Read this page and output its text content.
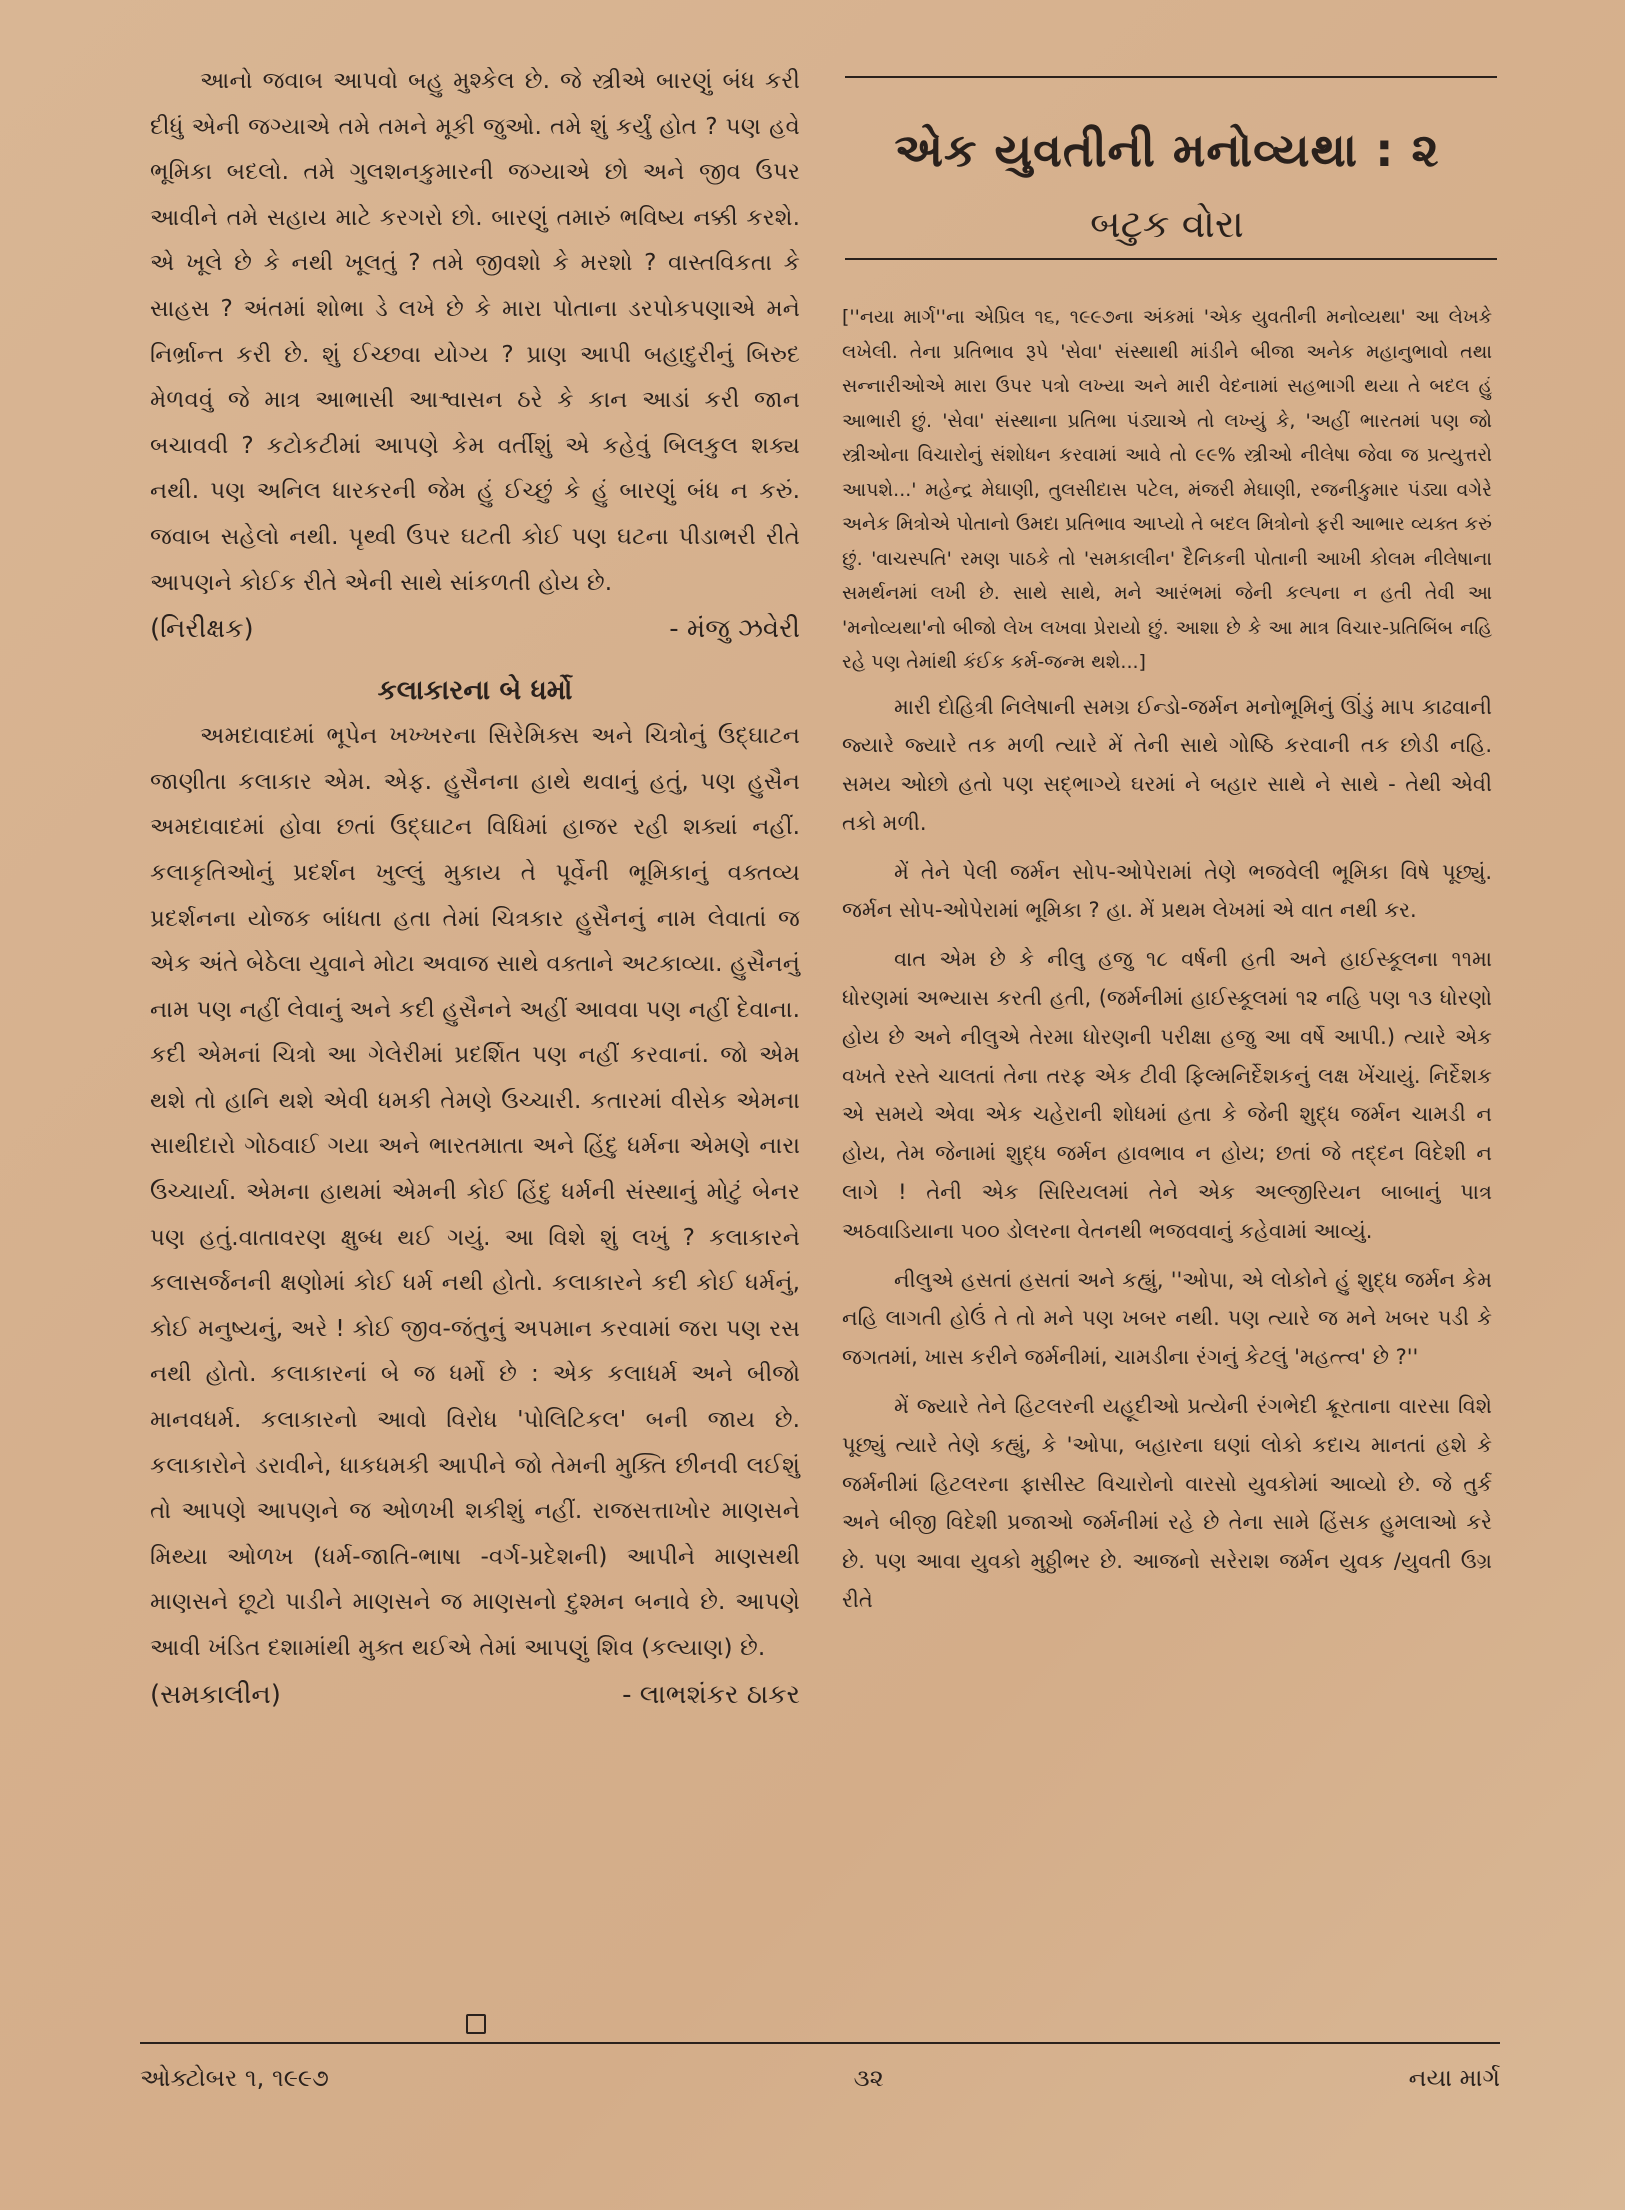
આનો જવાબ આપવો બહુ મુશ્કેલ છે. જે સ્ત્રીએ બારણું બંધ કરી દીધું એની જગ્યાએ તમે તમને મૂકી જુઓ. તમે શું કર્યું હોત ? પણ હવે ભૂમિકા બદલો. તમે ગુલશનકુમારની જગ્યાએ છો અને જીવ ઉપર આવીને તમે સહાય માટે કરગરો છો. બારણું તમારું ભવિષ્ય નક્કી કરશે. એ ખૂલે છે કે નથી ખૂલતું ? તમે જીવશો કે મરશો ? વાસ્તવિકતા કે સાહસ ? અંતમાં શોભા ડે લખે છે કે મારા પોતાના ડરપોકપણાએ મને નિર્ભ્રાન્ત કરી છે. શું ઈચ્છવા યોગ્ય ? પ્રાણ આપી બહાદુરીનું બિરુદ મેળવવું જે માત્ર આભાસી આશ્વાસન ઠરે કે કાન આડાં કરી જાન બચાવવી ? કટોકટીમાં આપણે કેમ વર્તીશું એ કહેવું બિલકુલ શક્ય નથી. પણ અનિલ ધારકરની જેમ હું ઈચ્છું કે હું બારણું બંધ ન કરું. જવાબ સહેલો નથી. પૃથ્વી ઉપર ઘટતી કોઈ પણ ઘટના પીડાભરી રીતે આપણને કોઈક રીતે એની સાથે સાંકળતી હોય છે.

(નિરીક્ષક)	- મંજુ ઝવેરી
કલાકારના બે ધર્મો

અમદાવાદમાં ભૂપેન ખખ્ખરના સિરેમિક્સ અને ચિત્રોનું ઉદ્ઘાટન જાણીતા કલાકાર એમ. એફ. હુસૈનના હાથે થવાનું હતું, પણ હુસૈન અમદાવાદમાં હોવા છતાં ઉદ્ઘાટન વિધિમાં હાજર રહી શક્યાં નહીં. કલાકૃતિઓનું પ્રદર્શન ખુલ્લું મુકાય તે પૂર્વેની ભૂમિકાનું વક્તવ્ય પ્રદર્શનના યોજક બાંધતા હતા તેમાં ચિત્રકાર હુસૈનનું નામ લેવાતાં જ એક અંતે બેઠેલા યુવાને મોટા અવાજ સાથે વક્તાને અટકાવ્યા. હુસૈનનું નામ પણ નહીં લેવાનું અને કદી હુસૈનને અહીં આવવા પણ નહીં દેવાના. કદી એમનાં ચિત્રો આ ગેલેરીમાં પ્રદર્શિત પણ નહીં કરવાનાં. જો એમ થશે તો હાનિ થશે એવી ધમકી તેમણે ઉચ્ચારી. કતારમાં વીસેક એમના સાથીદારો ગોઠવાઈ ગયા અને ભારતમાતા અને હિંદુ ધર્મના એમણે નારા ઉચ્ચાર્યા. એમના હાથમાં એમની કોઈ હિંદુ ધર્મની સંસ્થાનું મોટું બેનર પણ હતું.વાતાવરણ ક્ષુબ્ધ થઈ ગયું. આ વિશે શું લખું ? કલાકારને કલાસર્જનની ક્ષણોમાં કોઈ ધર્મ નથી હોતો. કલાકારને કદી કોઈ ધર્મનું, કોઈ મનુષ્યનું, અરે ! કોઈ જીવ-જંતુનું અપમાન કરવામાં જરા પણ રસ નથી હોતો. કલાકારનાં બે જ ધર્મો છે : એક કલાધર્મ અને બીજો માનવધર્મ. કલાકારનો આવો વિરોધ 'પોલિટિકલ' બની જાય છે. કલાકારોને ડરાવીને, ધાકધમકી આપીને જો તેમની મુક્તિ છીનવી લઈશું તો આપણે આપણને જ ઓળખી શકીશું નહીં. રાજસત્તાખોર માણસને મિથ્યા ઓળખ (ધર્મ-જાતિ-ભાષા -વર્ગ-પ્રદેશની) આપીને માણસથી માણસને છૂટો પાડીને માણસને જ માણસનો દુશ્મન બનાવે છે. આપણે આવી ખંડિત દશામાંથી મુક્ત થઈએ તેમાં આપણું શિવ (કલ્યાણ) છે.

(સમકાલીન)	- લાભશંકર ઠાકર
એક યુવતીની મનોવ્યથા : ૨
બટુક વોરા

[''નયા માર્ગ''ના એપ્રિલ ૧૬, ૧૯૯૭ના અંકમાં 'એક યુવતીની મનોવ્યથા' આ લેખકે લખેલી. તેના પ્રતિભાવ રૂપે 'સેવા' સંસ્થાથી માંડીને બીજા અનેક મહાનુભાવો તથા સન્નારીઓએ મારા ઉપર પત્રો લખ્યા અને મારી વેદનામાં સહભાગી થયા તે બદલ હું આભારી છું. 'સેવા' સંસ્થાના પ્રતિભા પંડ્યાએ તો લખ્યું કે, 'અહીં ભારતમાં પણ જો સ્ત્રીઓના વિચારોનું સંશોધન કરવામાં આવે તો ૯૯% સ્ત્રીઓ નીલેષા જેવા જ પ્રત્યુત્તરો આપશે...' મહેન્દ્ર મેઘાણી, તુલસીદાસ પટેલ, મંજરી મેઘાણી, રજનીકુમાર પંડ્યા વગેરે અનેક મિત્રોએ પોતાનો ઉમદા પ્રતિભાવ આપ્યો તે બદલ મિત્રોનો ફરી આભાર વ્યક્ત કરું છું. 'વાચસ્પતિ' રમણ પાઠકે તો 'સમકાલીન' દૈનિકની પોતાની આખી કોલમ નીલેષાના સમર્થનમાં લખી છે. સાથે સાથે, મને આરંભમાં જેની કલ્પના ન હતી તેવી આ 'મનોવ્યથા'નો બીજો લેખ લખવા પ્રેરાયો છું. આશા છે કે આ માત્ર વિચાર-પ્રતિબિંબ નહિ રહે પણ તેમાંથી કંઈક કર્મ-જન્મ થશે...]

મારી દોહિત્રી નિલેષાની સમગ્ર ઈન્ડો-જર્મન મનોભૂમિનું ઊંડું માપ કાઢવાની જ્યારે જ્યારે તક મળી ત્યારે મેં તેની સાથે ગોષ્ઠિ કરવાની તક છોડી નહિ. સમય ઓછો હતો પણ સદ્ભાગ્યે ઘરમાં ને બહાર સાથે ને સાથે - તેથી એવી તકો મળી.

મેં તેને પેલી જર્મન સોપ-ઓપેરામાં તેણે ભજવેલી ભૂમિકા વિષે પૂછ્યું. જર્મન સોપ-ઓપેરામાં ભૂમિકા ? હા. મેં પ્રથમ લેખમાં એ વાત નથી કર.

વાત એમ છે કે નીલુ હજુ ૧૮ વર્ષની હતી અને હાઈસ્કૂલના ૧૧મા ધોરણમાં અભ્યાસ કરતી હતી, (જર્મનીમાં હાઈસ્કૂલમાં ૧૨ નહિ પણ ૧૩ ધોરણો હોય છે અને નીલુએ તેરમા ધોરણની પરીક્ષા હજુ આ વર્ષે આપી.) ત્યારે એક વખતે રસ્તે ચાલતાં તેના તરફ એક ટીવી ફિલ્મનિર્દેશકનું લક્ષ ખેંચાયું. નિર્દેશક એ સમયે એવા એક ચહેરાની શોધમાં હતા કે જેની શુદ્ધ જર્મન ચામડી ન હોય, તેમ જેનામાં શુદ્ધ જર્મન હાવભાવ ન હોય; છતાં જે તદ્દન વિદેશી ન લાગે ! તેની એક સિરિયલમાં તેને એક અલ્જીરિયન બાબાનું પાત્ર અઠવાડિયાના ૫૦૦ ડોલરના વેતનથી ભજવવાનું કહેવામાં આવ્યું.

નીલુએ હસતાં હસતાં અને કહ્યું, ''ઓપા, એ લોકોને હું શુદ્ધ જર્મન કેમ નહિ લાગતી હોઉં તે તો મને પણ ખબર નથી. પણ ત્યારે જ મને ખબર પડી કે જગતમાં, ખાસ કરીને જર્મનીમાં, ચામડીના રંગનું કેટલું 'મહત્ત્વ' છે ?''

મેં જ્યારે તેને હિટલરની યહૂદીઓ પ્રત્યેની રંગભેદી ક્રૂરતાના વારસા વિશે પૂછ્યું ત્યારે તેણે કહ્યું, કે 'ઓપા, બહારના ઘણાં લોકો કદાચ માનતાં હશે કે જર્મનીમાં હિટલરના ફાસીસ્ટ વિચારોનો વારસો યુવકોમાં આવ્યો છે. જે તુર્ક અને બીજી વિદેશી પ્રજાઓ જર્મનીમાં રહે છે તેના સામે હિંસક હુમલાઓ કરે છે. પણ આવા યુવકો મુઠ્ઠીભર છે. આજનો સરેરાશ જર્મન યુવક /યુવતી ઉગ્ર રીતે

ઓક્ટોબર ૧, ૧૯૯૭	૩૨	નયા માર્ગ
